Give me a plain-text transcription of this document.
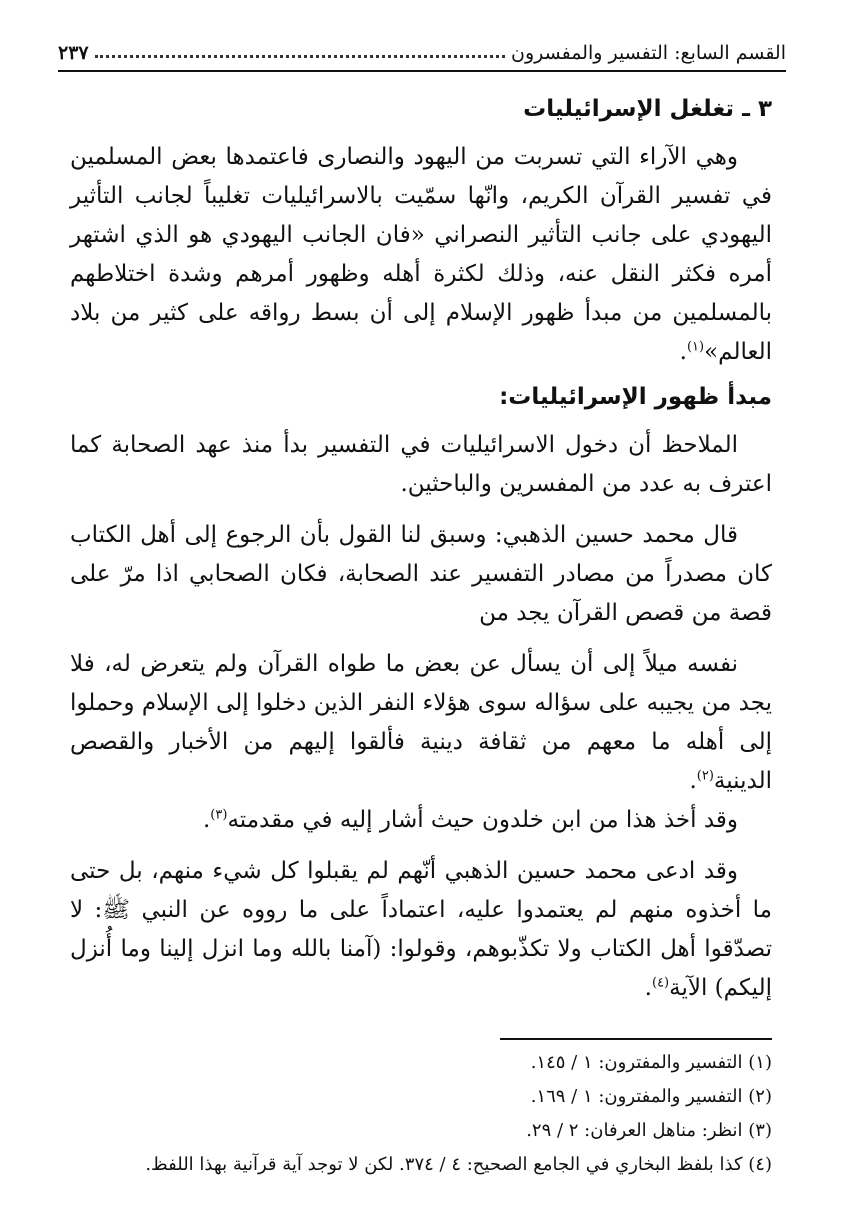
القسم السابع: التفسير والمفسرون
٢٣٧
٣ ـ تغلغل الإسرائيليات

وهي الآراء التي تسربت من اليهود والنصارى فاعتمدها بعض المسلمين في تفسير القرآن الكريم، وانّها سمّيت بالاسرائيليات تغليباً لجانب التأثير اليهودي على جانب التأثير النصراني «فان الجانب اليهودي هو الذي اشتهر أمره فكثر النقل عنه، وذلك لكثرة أهله وظهور أمرهم وشدة اختلاطهم بالمسلمين من مبدأ ظهور الإسلام إلى أن بسط رواقه على كثير من بلاد العالم»$^{(١)}$.

مبدأ ظهور الإسرائيليات:

الملاحظ أن دخول الاسرائيليات في التفسير بدأ منذ عهد الصحابة كما اعترف به عدد من المفسرين والباحثين.

قال محمد حسين الذهبي: وسبق لنا القول بأن الرجوع إلى أهل الكتاب كان مصدراً من مصادر التفسير عند الصحابة، فكان الصحابي اذا مرّ على قصة من قصص القرآن يجد من

نفسه ميلاً إلى أن يسأل عن بعض ما طواه القرآن ولم يتعرض له، فلا يجد من يجيبه على سؤاله سوى هؤلاء النفر الذين دخلوا إلى الإسلام وحملوا إلى أهله ما معهم من ثقافة دينية فألقوا إليهم من الأخبار والقصص الدينية$^{(٢)}$.

وقد أخذ هذا من ابن خلدون حيث أشار إليه في مقدمته$^{(٣)}$.

وقد ادعى محمد حسين الذهبي أنّهم لم يقبلوا كل شيء منهم، بل حتى ما أخذوه منهم لم يعتمدوا عليه، اعتماداً على ما رووه عن النبي ﷺ: لا تصدّقوا أهل الكتاب ولا تكذّبوهم، وقولوا: (آمنا بالله وما انزل إلينا وما أُنزل إليكم) الآية$^{(٤)}$.

(١) التفسير والمفترون: ١ / ١٤٥.
(٢) التفسير والمفترون: ١ / ١٦٩.
(٣) انظر: مناهل العرفان: ٢ / ٢٩.
(٤) كذا بلفظ البخاري في الجامع الصحيح: ٤ / ٣٧٤. لكن لا توجد آية قرآنية بهذا اللفظ.
